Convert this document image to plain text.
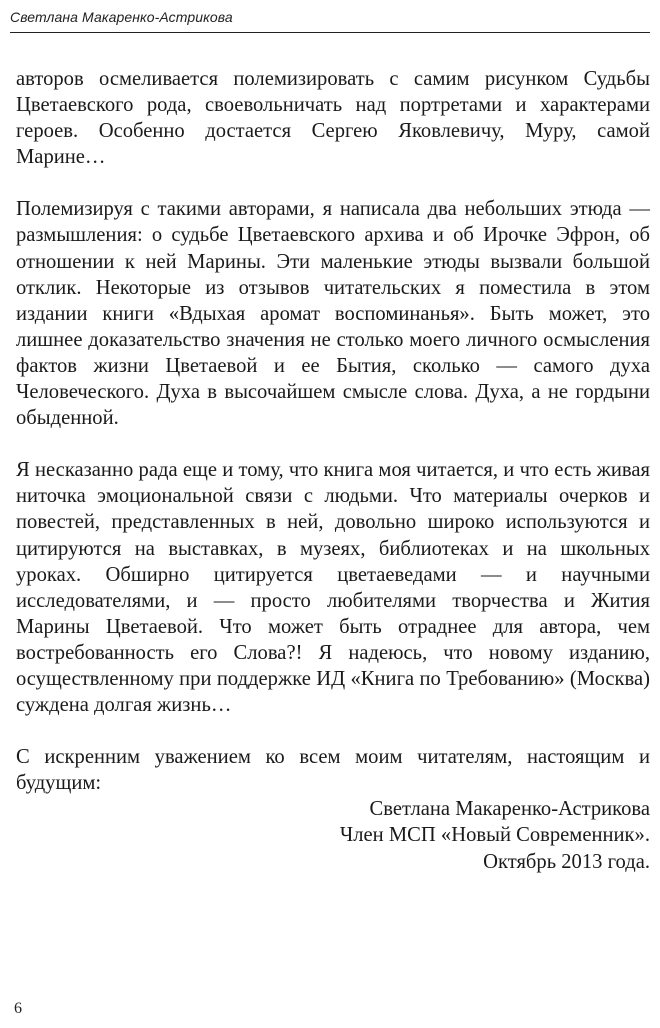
Светлана Макаренко-Астрикова

авторов осмеливается полемизировать с самим рисунком Судьбы Цветаевского рода, своевольничать над портретами и характерами героев. Особенно достается Сергею Яковлевичу, Муру, самой Марине…

Полемизируя с такими авторами, я написала два небольших этюда — размышления: о судьбе Цветаевского архива и об Ирочке Эфрон, об отношении к ней Марины. Эти маленькие этюды вызвали большой отклик. Некоторые из отзывов читательских я поместила в этом издании книги «Вдыхая аромат воспоминанья». Быть может, это лишнее доказательство значения не столько моего личного осмысления фактов жизни Цветаевой и ее Бытия, сколько — самого духа Человеческого. Духа в высочайшем смысле слова. Духа, а не гордыни обыденной.

Я несказанно рада еще и тому, что книга моя читается, и что есть живая ниточка эмоциональной связи с людьми. Что материалы очерков и повестей, представленных в ней, довольно широко используются и цитируются на выставках, в музеях, библиотеках и на школьных уроках. Обширно цитируется цветаеведами — и научными исследователями, и — просто любителями творчества и Жития Марины Цветаевой. Что может быть отраднее для автора, чем востребованность его Слова?! Я надеюсь, что новому изданию, осуществленному при поддержке ИД «Книга по Требованию» (Москва) суждена долгая жизнь…

С искренним уважением ко всем моим читателям, настоящим и будущим:

Светлана Макаренко-Астрикова
Член МСП «Новый Современник».
Октябрь 2013 года.
6
